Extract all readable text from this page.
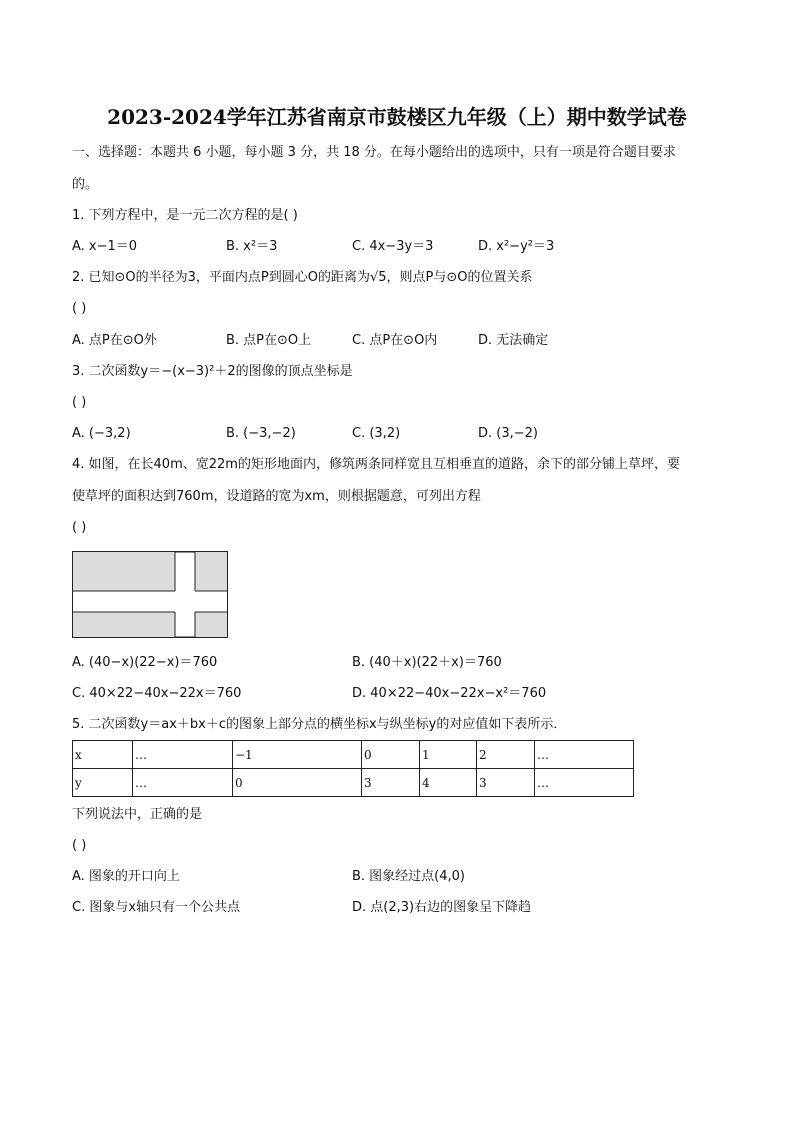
2023-2024学年江苏省南京市鼓楼区九年级（上）期中数学试卷
一、选择题：本题共 6 小题，每小题 3 分，共 18 分。在每小题给出的选项中，只有一项是符合题目要求
的。
1. 下列方程中，是一元二次方程的是( )
A. x−1＝0	B. x²＝3	C. 4x−3y＝3	D. x²−y²＝3
2. 已知⊙O的半径为3，平面内点P到圆心O的距离为√5，则点P与⊙O的位置关系
( )
A. 点P在⊙O外	B. 点P在⊙O上	C. 点P在⊙O内	D. 无法确定
3. 二次函数y＝−(x−3)²＋2的图像的顶点坐标是
( )
A. (−3,2)	B. (−3,−2)	C. (3,2)	D. (3,−2)
4. 如图，在长40m、宽22m的矩形地面内，修筑两条同样宽且互相垂直的道路，余下的部分铺上草坪，要
使草坪的面积达到760m，设道路的宽为xm，则根据题意，可列出方程
( )
A. (40−x)(22−x)＝760	B. (40＋x)(22＋x)＝760
C. 40×22−40x−22x＝760	D. 40×22−40x−22x−x²＝760
5. 二次函数y＝ax＋bx＋c的图象上部分点的横坐标x与纵坐标y的对应值如下表所示．
x	…	−1	0	1	2	…
y	…	0	3	4	3	…
下列说法中，正确的是
( )
A. 图象的开口向上	B. 图象经过点(4,0)
C. 图象与x轴只有一个公共点	D. 点(2,3)右边的图象呈下降趋
